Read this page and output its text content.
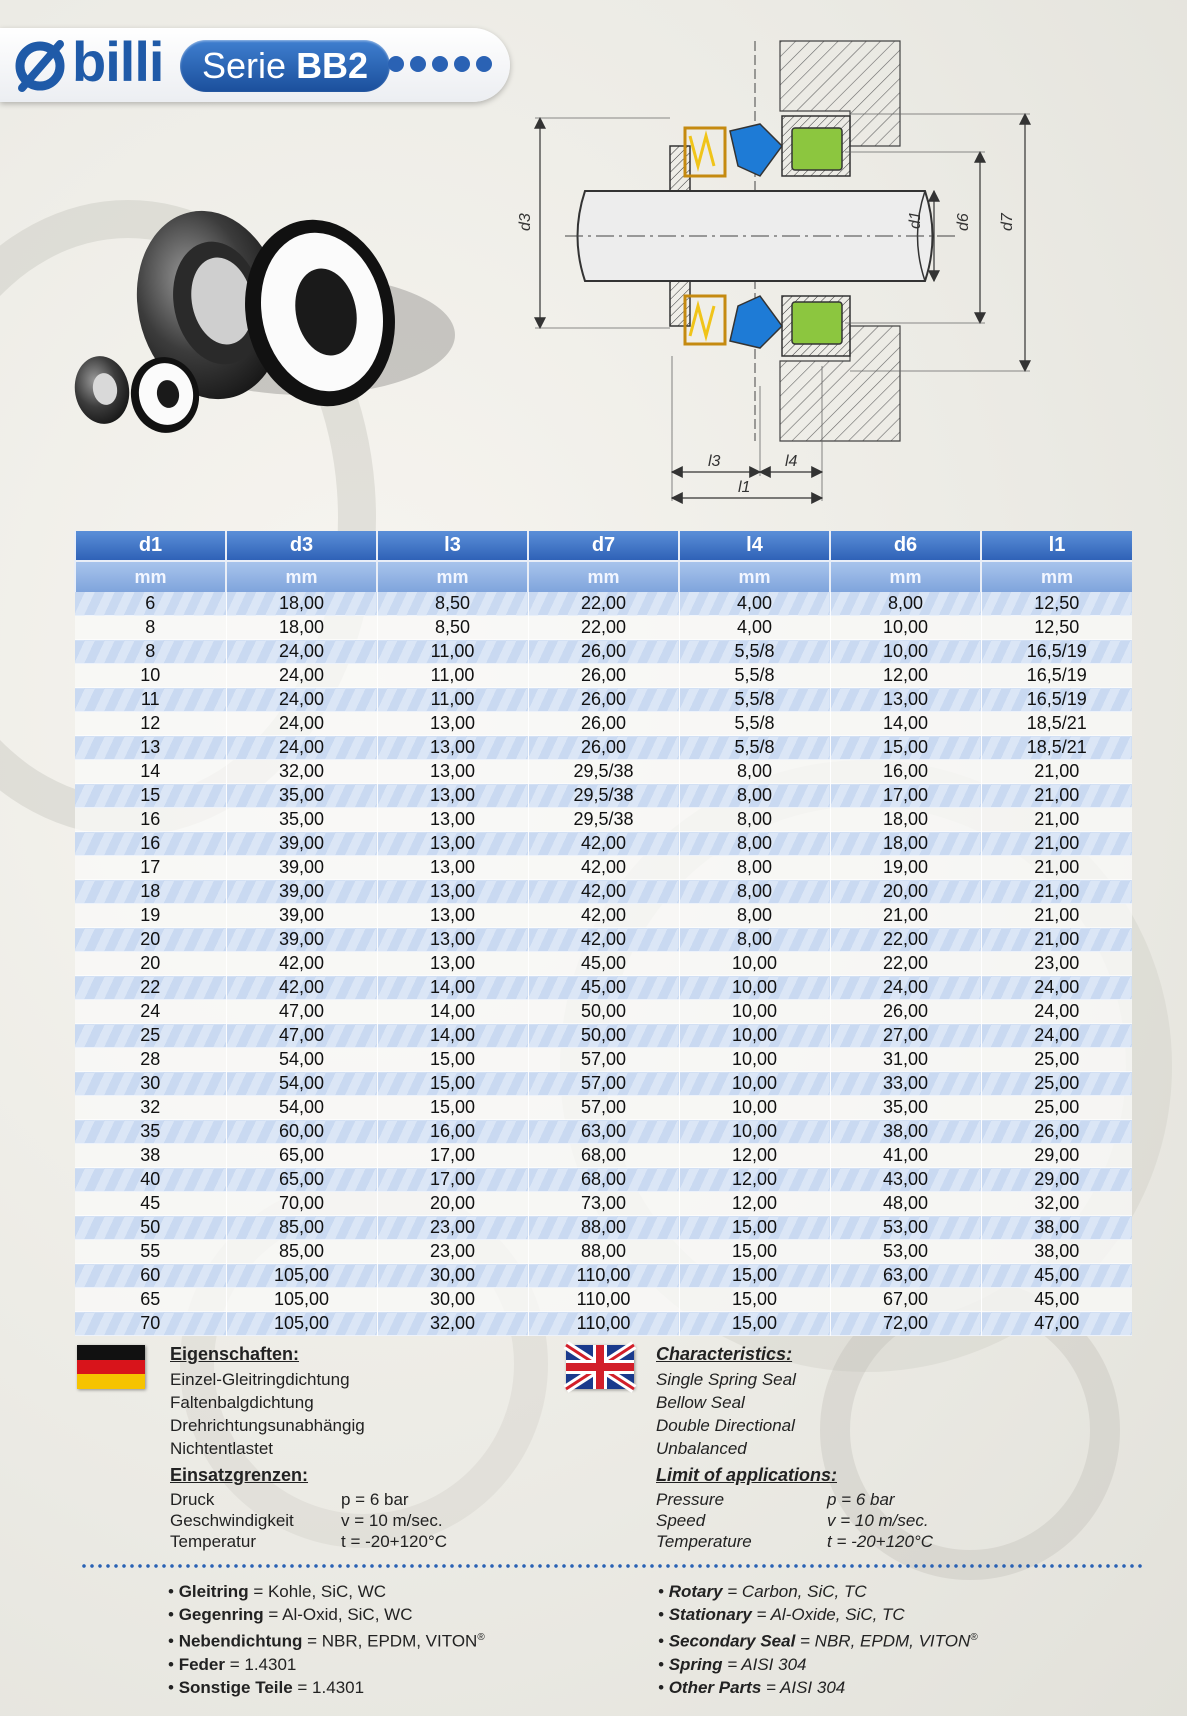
billi	Serie BB2
d3	d1 d6 d7
l3	l4
l1
d1	d3	l3	d7	l4	d6	l1
mm	mm	mm	mm	mm	mm	mm
6	18,00	8,50	22,00	4,00	8,00	12,50
8	18,00	8,50	22,00	4,00	10,00	12,50
8	24,00	11,00	26,00	5,5/8	10,00	16,5/19
10	24,00	11,00	26,00	5,5/8	12,00	16,5/19
11	24,00	11,00	26,00	5,5/8	13,00	16,5/19
12	24,00	13,00	26,00	5,5/8	14,00	18,5/21
13	24,00	13,00	26,00	5,5/8	15,00	18,5/21
14	32,00	13,00	29,5/38	8,00	16,00	21,00
15	35,00	13,00	29,5/38	8,00	17,00	21,00
16	35,00	13,00	29,5/38	8,00	18,00	21,00
16	39,00	13,00	42,00	8,00	18,00	21,00
17	39,00	13,00	42,00	8,00	19,00	21,00
18	39,00	13,00	42,00	8,00	20,00	21,00
19	39,00	13,00	42,00	8,00	21,00	21,00
20	39,00	13,00	42,00	8,00	22,00	21,00
20	42,00	13,00	45,00	10,00	22,00	23,00
22	42,00	14,00	45,00	10,00	24,00	24,00
24	47,00	14,00	50,00	10,00	26,00	24,00
25	47,00	14,00	50,00	10,00	27,00	24,00
28	54,00	15,00	57,00	10,00	31,00	25,00
30	54,00	15,00	57,00	10,00	33,00	25,00
32	54,00	15,00	57,00	10,00	35,00	25,00
35	60,00	16,00	63,00	10,00	38,00	26,00
38	65,00	17,00	68,00	12,00	41,00	29,00
40	65,00	17,00	68,00	12,00	43,00	29,00
45	70,00	20,00	73,00	12,00	48,00	32,00
50	85,00	23,00	88,00	15,00	53,00	38,00
55	85,00	23,00	88,00	15,00	53,00	38,00
60	105,00	30,00	110,00	15,00	63,00	45,00
65	105,00	30,00	110,00	15,00	67,00	45,00
70	105,00	32,00	110,00	15,00	72,00	47,00
Eigenschaften:
Einzel-Gleitringdichtung
Faltenbalgdichtung
Drehrichtungsunabhängig
Nichtentlastet
Einsatzgrenzen:
Druck	p = 6 bar
Geschwindigkeit	v = 10 m/sec.
Temperatur	t = -20+120°C
Characteristics:
Single Spring Seal
Bellow Seal
Double Directional
Unbalanced
Limit of applications:
Pressure	p = 6 bar
Speed	v = 10 m/sec.
Temperature	t = -20+120°C
• Gleitring = Kohle, SiC, WC
• Gegenring = Al-Oxid, SiC, WC
• Nebendichtung = NBR, EPDM, VITON®
• Feder = 1.4301
• Sonstige Teile = 1.4301
• Rotary = Carbon, SiC, TC
• Stationary = Al-Oxide, SiC, TC
• Secondary Seal = NBR, EPDM, VITON®
• Spring = AISI 304
• Other Parts = AISI 304
